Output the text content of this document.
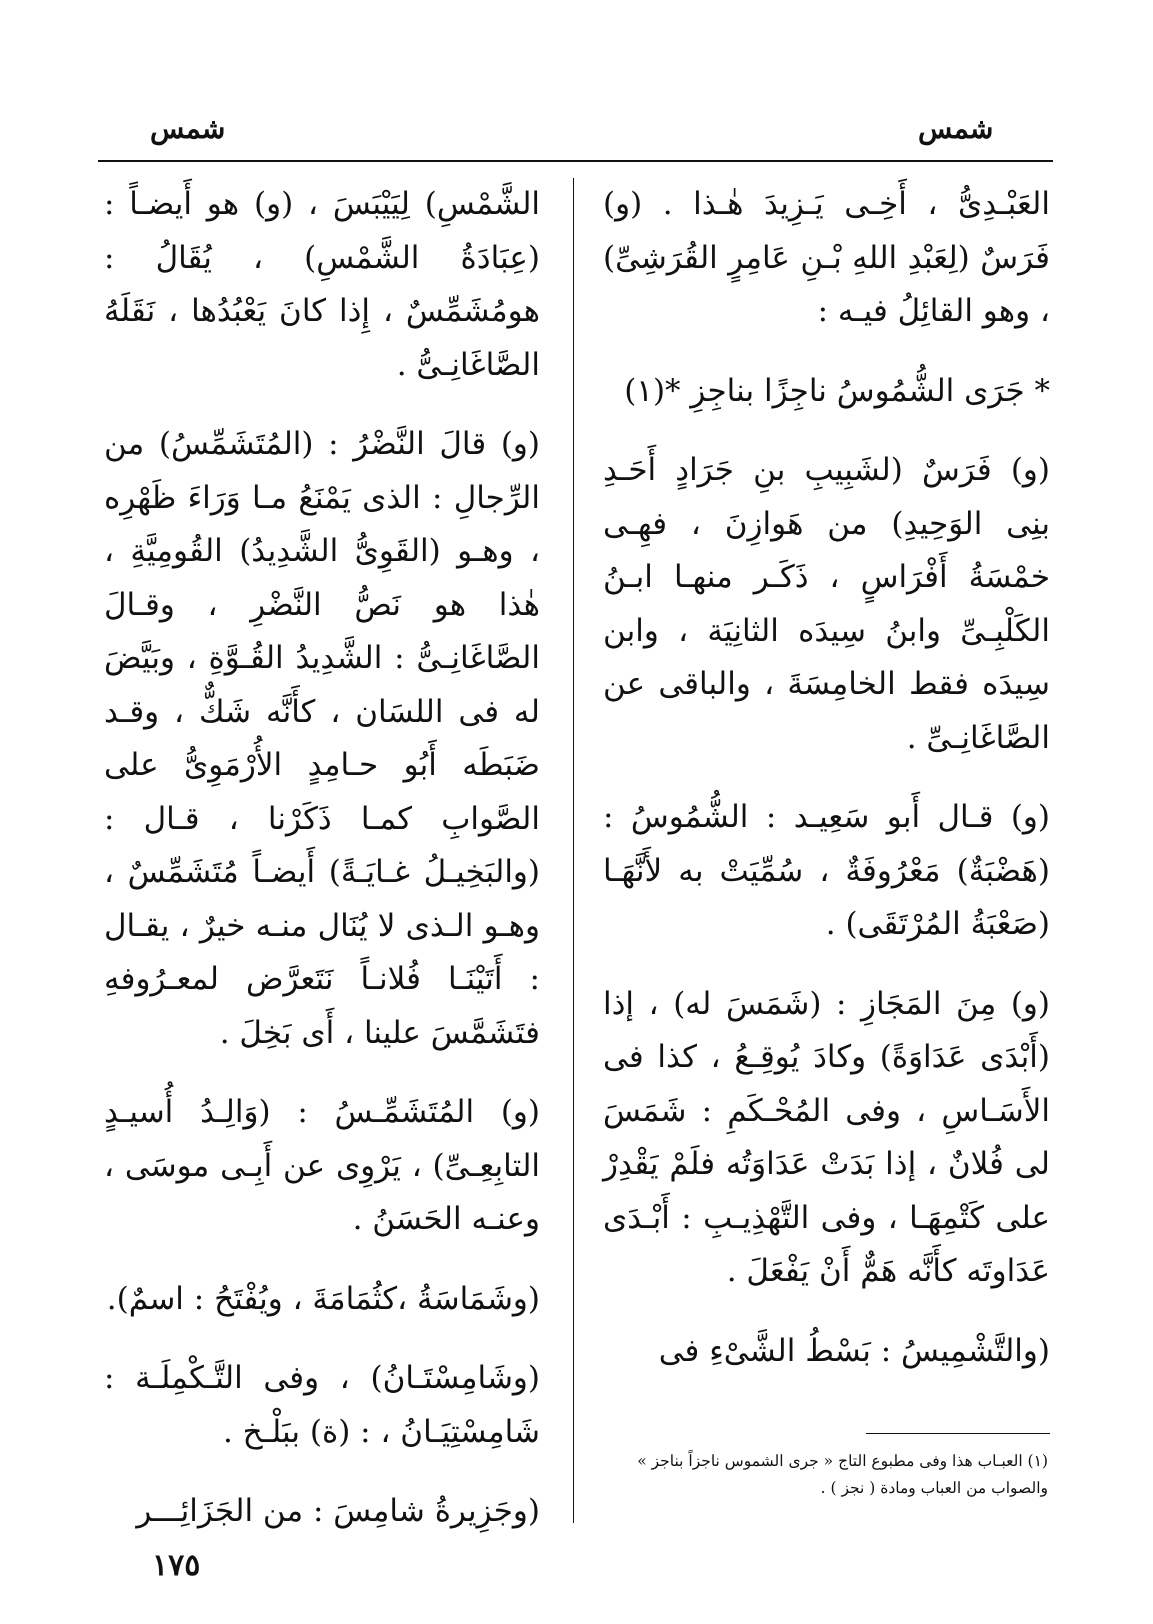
شمس
شمس

العَبْـدِىُّ ، أَخِـى يَـزِيدَ هٰـذا . (و) فَرَسٌ (لِعَبْدِ اللهِ بْـنِ عَامِرٍ القُرَشِىِّ) ، وهو القائِلُ فيـه :

* جَرَى الشُّمُوسُ ناجِزًا بناجِزِ *(١)

(و) فَرَسٌ (لشَبِيبِ بنِ جَرَادٍ أَحَـدِ بنِى الوَحِيدِ) من هَوازِنَ ، فهِـى خمْسَةُ أَفْرَاسٍ ، ذَكَـر منهـا ابـنُ الكَلْبِـىِّ وابنُ سِيدَه الثانِيَة ، وابن سِيدَه فقط الخامِسَةَ ، والباقى عن الصَّاغَانِـىِّ .

(و) قـال أَبو سَعِيـد : الشُّمُوسُ : (هَضْبَةٌ) مَعْرُوفَةٌ ، سُمِّيَتْ به لأَنَّهَـا (صَعْبَةُ المُرْتَقَى) .

(و) مِنَ المَجَازِ : (شَمَسَ له) ، إذا (أَبْدَى عَدَاوَةً) وكادَ يُوقِـعُ ، كذا فى الأَسَـاسِ ، وفى المُحْـكَمِ : شَمَسَ لى فُلانٌ ، إذا بَدَتْ عَدَاوَتُه فلَمْ يَقْدِرْ على كَتْمِهَـا ، وفى التَّهْذِيـبِ : أَبْـدَى عَدَاوتَه كأَنَّه هَمٌّ أَنْ يَفْعَلَ .

(والتَّشْمِيسُ : بَسْطُ الشَّىْءِ فى

الشَّمْسِ) لِيَيْبَسَ ، (و) هو أَيضـاً : (عِبَادَةُ الشَّمْسِ) ، يُقَالُ : هومُشَمِّسٌ ، إِذا كانَ يَعْبُدُها ، نَقَلَهُ الصَّاغَانِـىُّ .

(و) قالَ النَّضْرُ : (المُتَشَمِّسُ) من الرِّجالِ : الذى يَمْنَعُ مـا وَرَاءَ ظَهْرِه ، وهـو (القَوِىُّ الشَّدِيدُ) القُومِيَّةِ ، هٰذا هو نَصُّ النَّضْرِ ، وقـالَ الصَّاغَانِـىُّ : الشَّدِيدُ القُـوَّةِ ، وبَيَّضَ له فى اللسَان ، كأَنَّه شَكٌّ ، وقـد ضَبَطَه أَبُو حـامِدٍ الأُرْمَوِىُّ على الصَّوابِ كمـا ذَكَرْنا ، قـال : (والبَخِيـلُ غـايَـةً) أَيضـاً مُتَشَمِّسٌ ، وهـو الـذى لا يُنَال منـه خيرٌ ، يقـال : أَتَيْنَـا فُلانـاً نَتَعرَّض لمعـرُوفهِ فتَشَمَّسَ علينا ، أَى بَخِلَ .

(و) المُتَشَمِّـسُ : (وَالِـدُ أُسيـدٍ التابِعِـىِّ) ، يَرْوِى عن أَبِـى موسَى ، وعنـه الحَسَنُ .

(وشَمَاسَةُ ،كثُمَامَةَ ، ويُفْتَحُ : اسمٌ).

(وشَامِسْتَـانُ) ، وفى التَّـكْمِلَـة : شَامِسْتِيَـانُ ، : (ة) ببَلْـخ .

(وجَزِيرةُ شامِسَ : من الجَزَائِـــر

(١) العبـاب هذا وفى مطبوع التاج « جرى الشموس ناجزاً بناجز » والصواب من العباب ومادة ( نجز ) .
١٧٥
